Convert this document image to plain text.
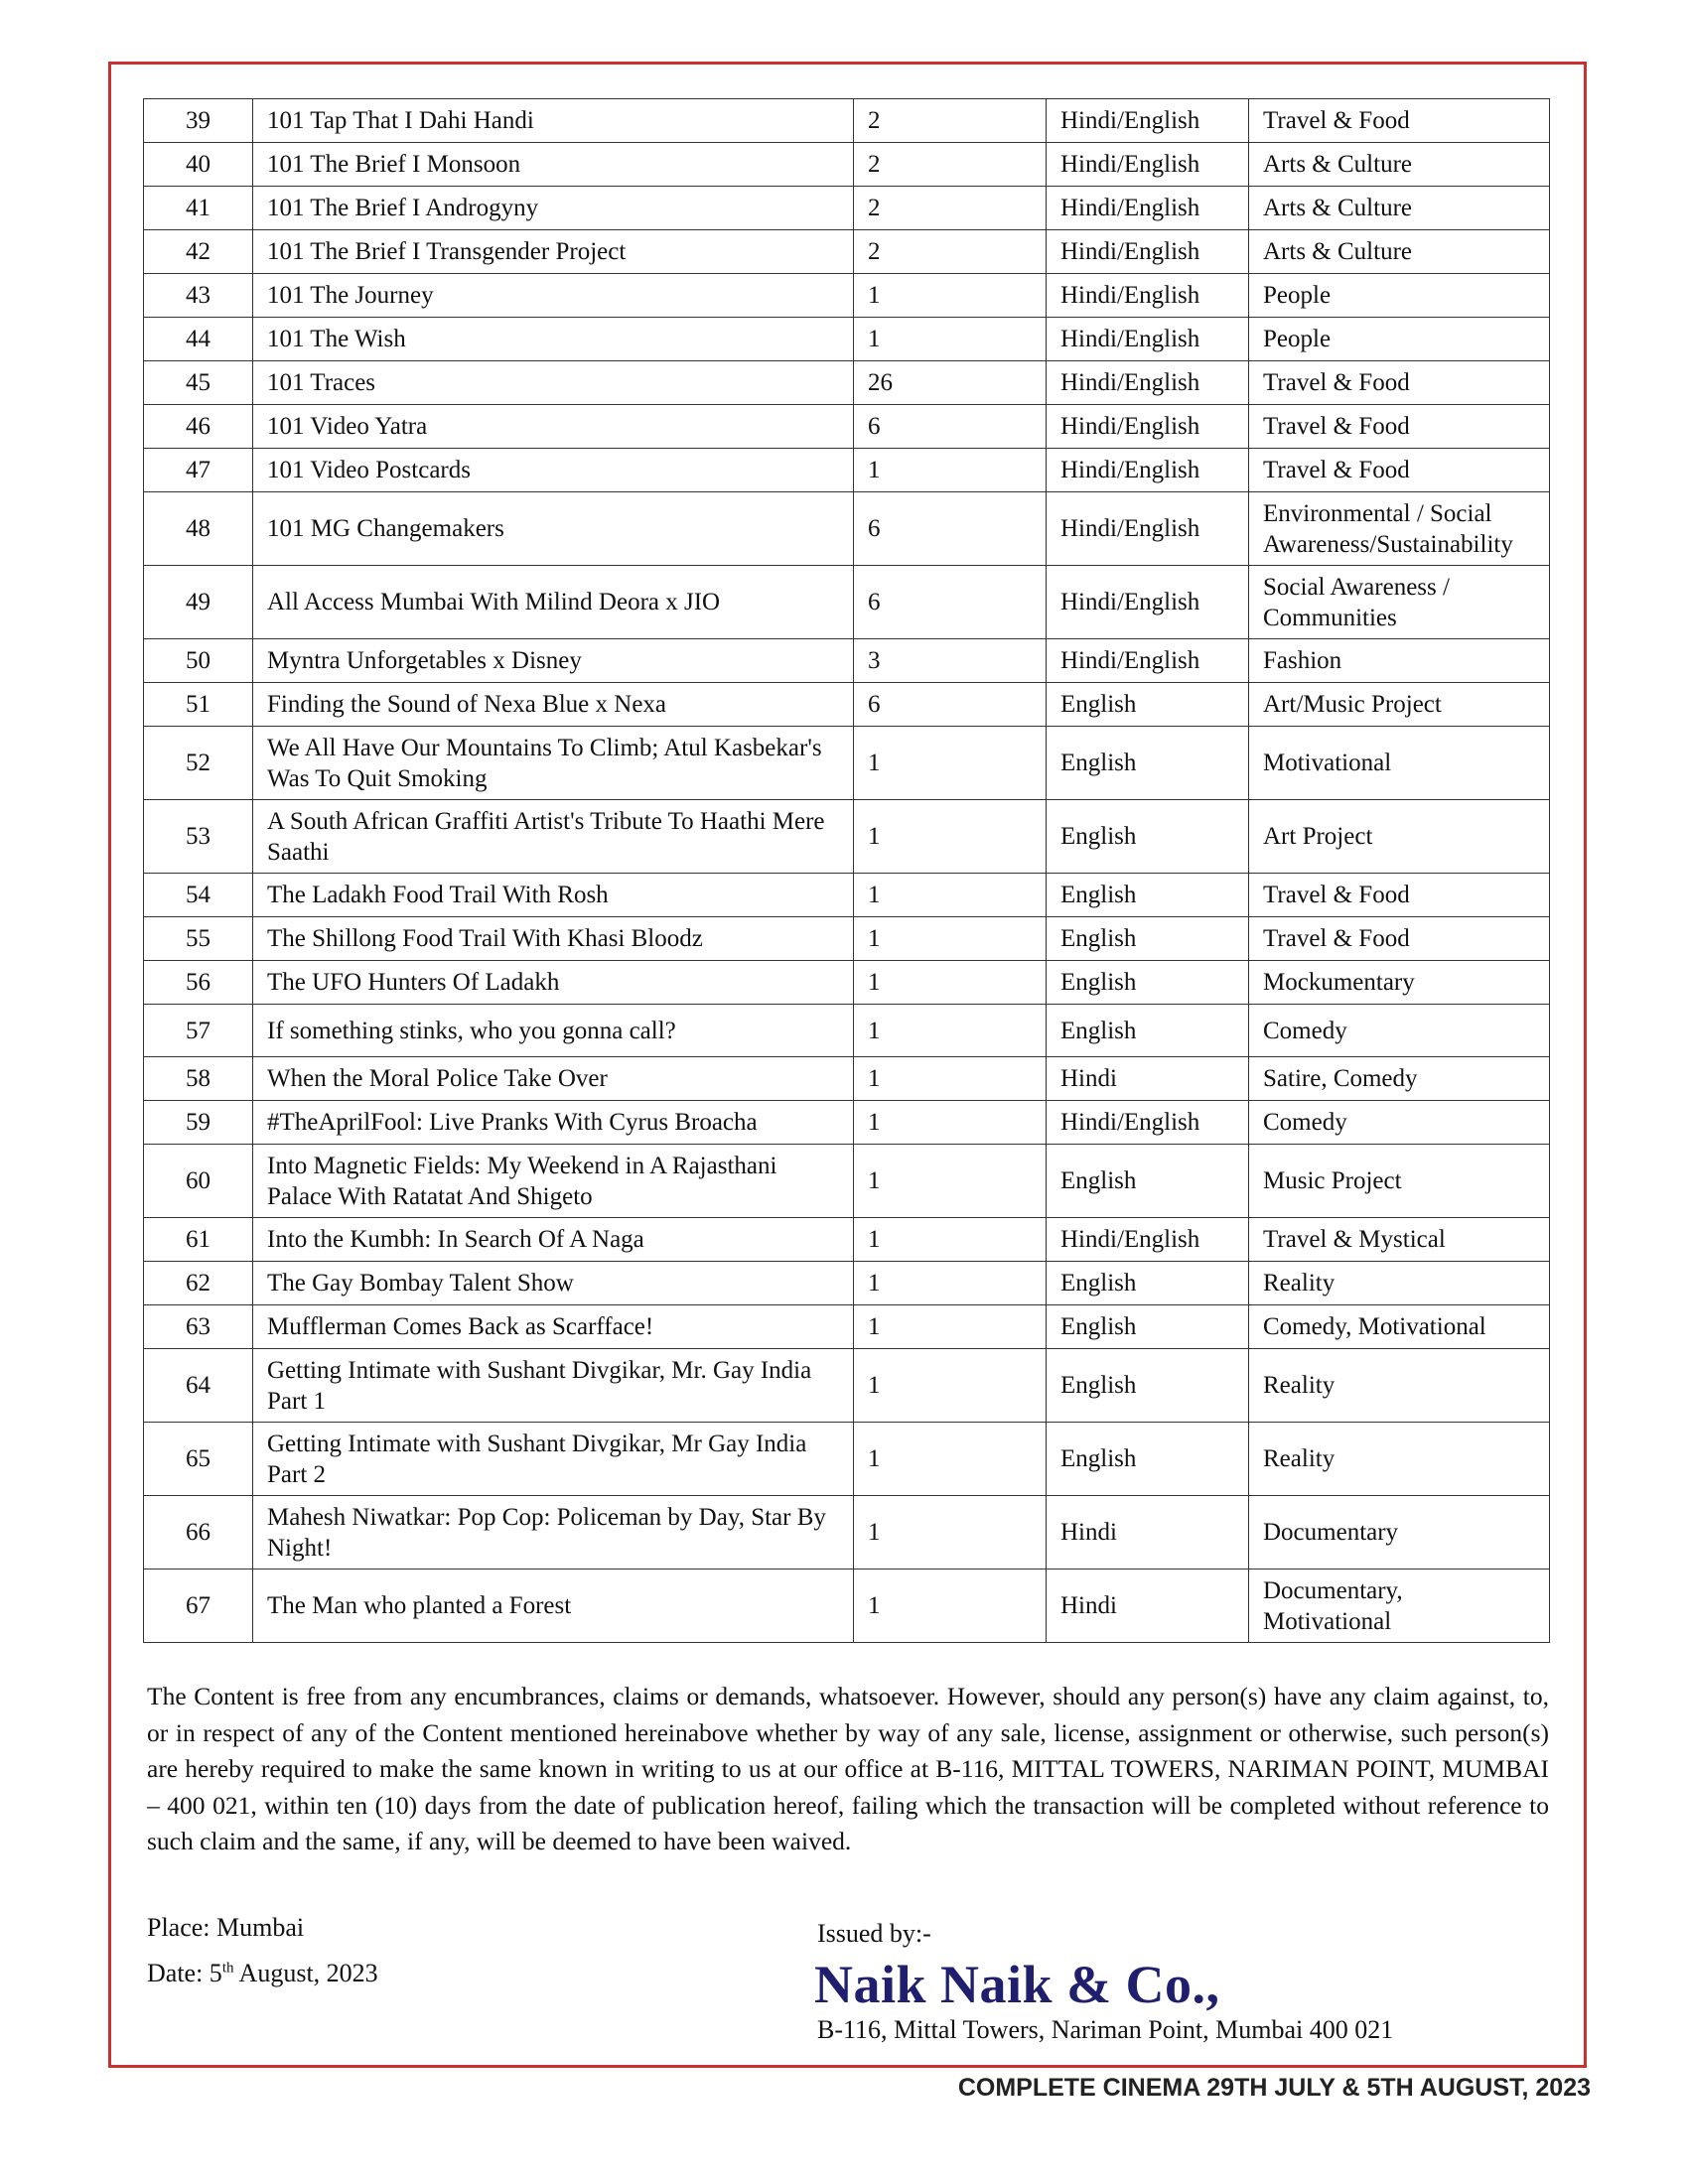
39	101 Tap That I Dahi Handi	2	Hindi/English	Travel & Food
40	101 The Brief I Monsoon	2	Hindi/English	Arts & Culture
41	101 The Brief I Androgyny	2	Hindi/English	Arts & Culture
42	101 The Brief I Transgender Project	2	Hindi/English	Arts & Culture
43	101 The Journey	1	Hindi/English	People
44	101 The Wish	1	Hindi/English	People
45	101 Traces	26	Hindi/English	Travel & Food
46	101 Video Yatra	6	Hindi/English	Travel & Food
47	101 Video Postcards	1	Hindi/English	Travel & Food
48	101 MG Changemakers	6	Hindi/English	Environmental / Social Awareness/Sustainability
49	All Access Mumbai With Milind Deora x JIO	6	Hindi/English	Social Awareness / Communities
50	Myntra Unforgetables x Disney	3	Hindi/English	Fashion
51	Finding the Sound of Nexa Blue x Nexa	6	English	Art/Music Project
52	We All Have Our Mountains To Climb; Atul Kasbekar's Was To Quit Smoking	1	English	Motivational
53	A South African Graffiti Artist's Tribute To Haathi Mere Saathi	1	English	Art Project
54	The Ladakh Food Trail With Rosh	1	English	Travel & Food
55	The Shillong Food Trail With Khasi Bloodz	1	English	Travel & Food
56	The UFO Hunters Of Ladakh	1	English	Mockumentary
57	If something stinks, who you gonna call?	1	English	Comedy
58	When the Moral Police Take Over	1	Hindi	Satire, Comedy
59	#TheAprilFool: Live Pranks With Cyrus Broacha	1	Hindi/English	Comedy
60	Into Magnetic Fields: My Weekend in A Rajasthani Palace With Ratatat And Shigeto	1	English	Music Project
61	Into the Kumbh: In Search Of A Naga	1	Hindi/English	Travel & Mystical
62	The Gay Bombay Talent Show	1	English	Reality
63	Mufflerman Comes Back as Scarfface!	1	English	Comedy, Motivational
64	Getting Intimate with Sushant Divgikar, Mr. Gay India Part 1	1	English	Reality
65	Getting Intimate with Sushant Divgikar, Mr Gay India Part 2	1	English	Reality
66	Mahesh Niwatkar: Pop Cop: Policeman by Day, Star By Night!	1	Hindi	Documentary
67	The Man who planted a Forest	1	Hindi	Documentary, Motivational

The Content is free from any encumbrances, claims or demands, whatsoever. However, should any person(s) have any claim against, to, or in respect of any of the Content mentioned hereinabove whether by way of any sale, license, assignment or otherwise, such person(s) are hereby required to make the same known in writing to us at our office at B-116, MITTAL TOWERS, NARIMAN POINT, MUMBAI – 400 021, within ten (10) days from the date of publication hereof, failing which the transaction will be completed without reference to such claim and the same, if any, will be deemed to have been waived.

Place: Mumbai
Date: 5th August, 2023
Issued by:-
Naik Naik & Co.,
B-116, Mittal Towers, Nariman Point, Mumbai 400 021
COMPLETE CINEMA 29TH JULY & 5TH AUGUST, 2023
